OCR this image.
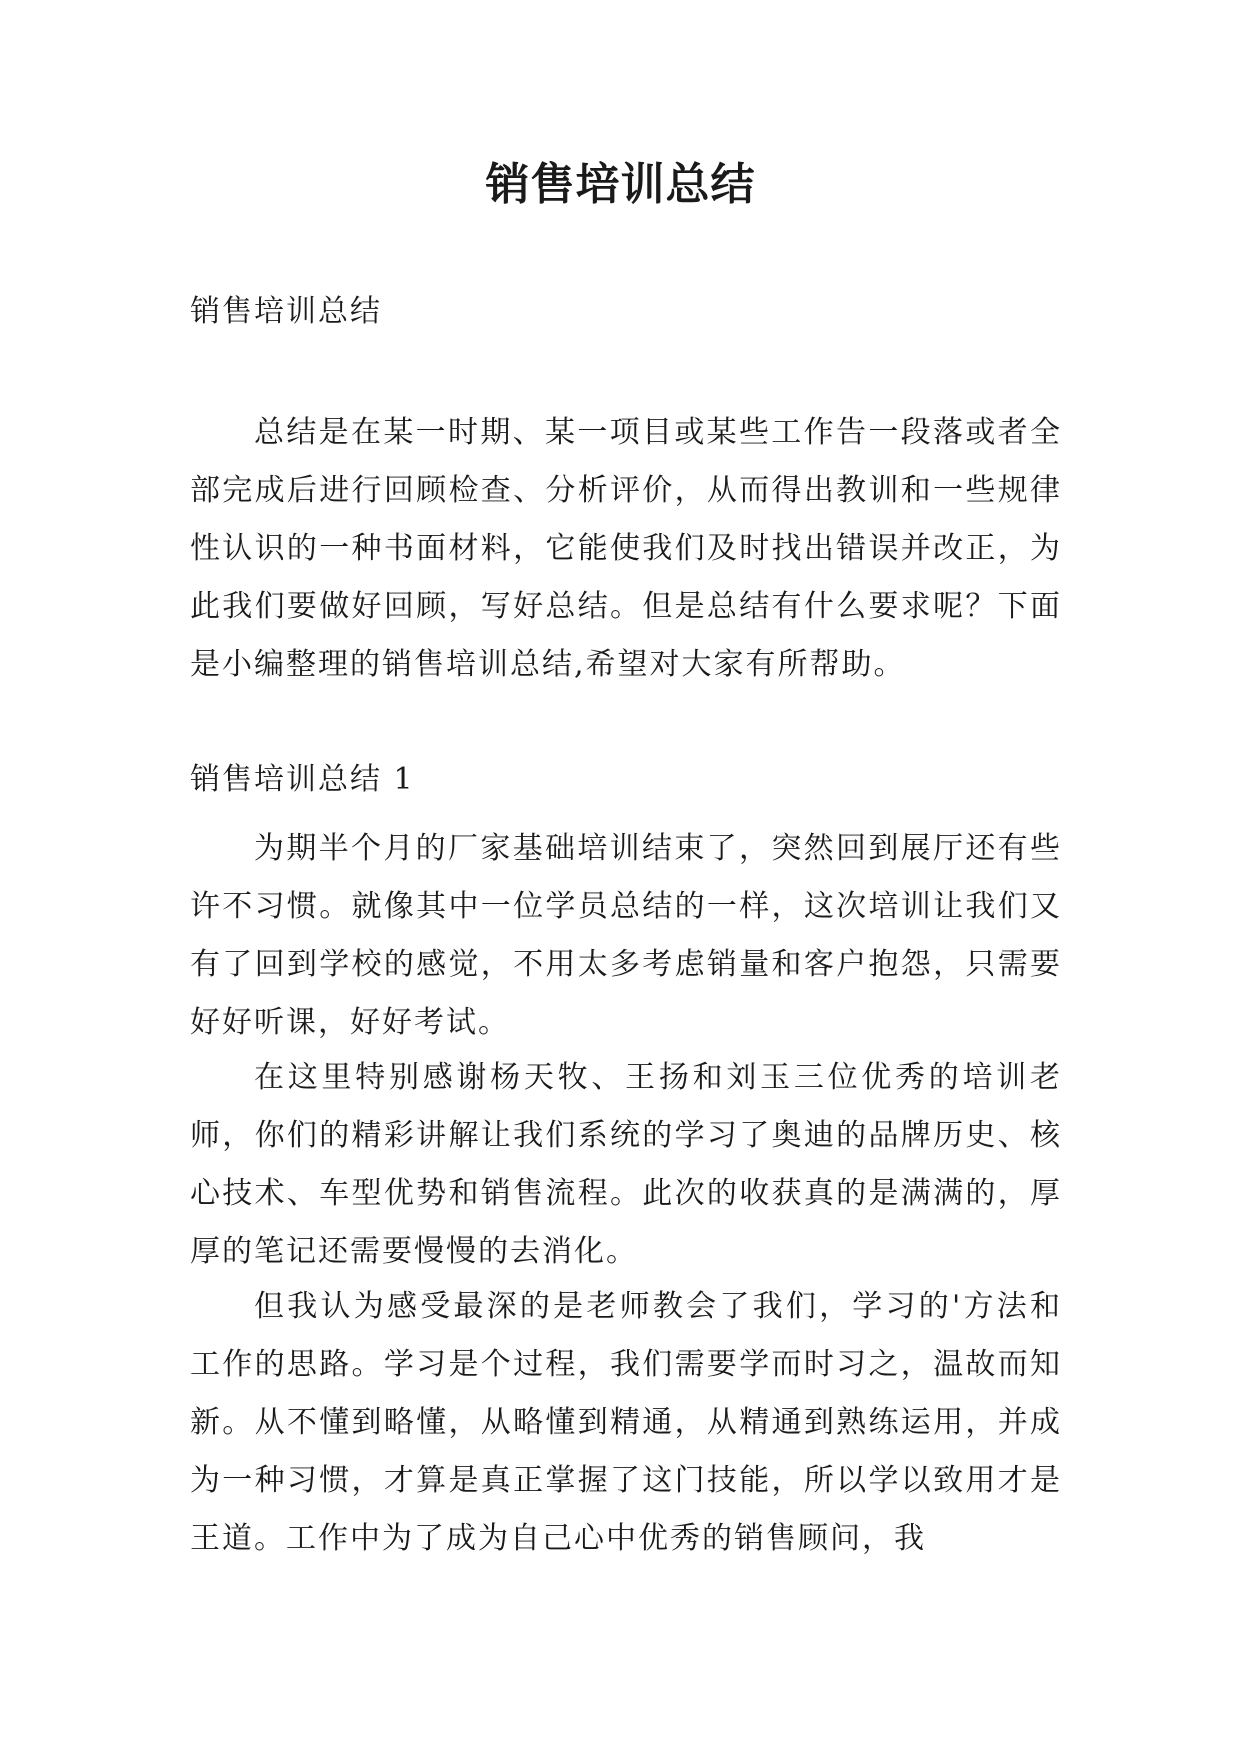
销售培训总结

销售培训总结

总结是在某一时期、某一项目或某些工作告一段落或者全部完成后进行回顾检查、分析评价，从而得出教训和一些规律性认识的一种书面材料，它能使我们及时找出错误并改正，为此我们要做好回顾，写好总结。但是总结有什么要求呢？下面是小编整理的销售培训总结,希望对大家有所帮助。

销售培训总结 1

为期半个月的厂家基础培训结束了，突然回到展厅还有些许不习惯。就像其中一位学员总结的一样，这次培训让我们又有了回到学校的感觉，不用太多考虑销量和客户抱怨，只需要好好听课，好好考试。

在这里特别感谢杨天牧、王扬和刘玉三位优秀的培训老师，你们的精彩讲解让我们系统的学习了奥迪的品牌历史、核心技术、车型优势和销售流程。此次的收获真的是满满的，厚厚的笔记还需要慢慢的去消化。

但我认为感受最深的是老师教会了我们，学习的'方法和工作的思路。学习是个过程，我们需要学而时习之，温故而知新。从不懂到略懂，从略懂到精通，从精通到熟练运用，并成为一种习惯，才算是真正掌握了这门技能，所以学以致用才是王道。工作中为了成为自己心中优秀的销售顾问，我
